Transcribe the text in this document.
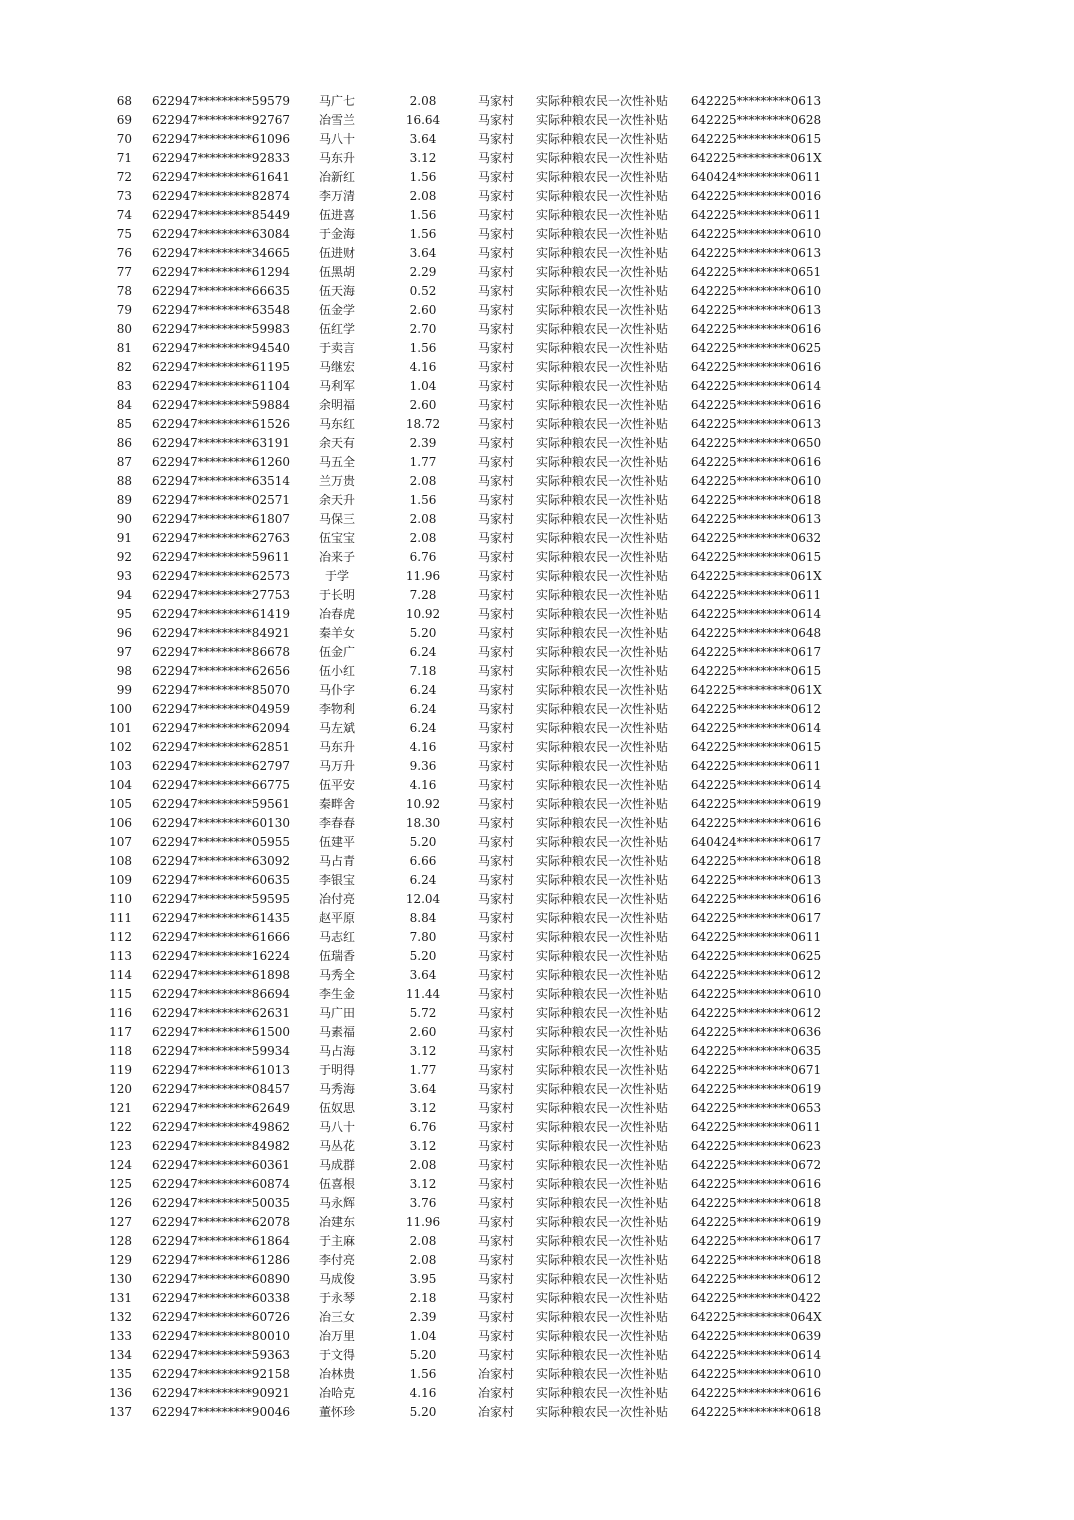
68 622947*********59579	马广七	2.08	马家村	实际种粮农民一次性补贴	642225*********0613
69 622947*********92767	冶雪兰	16.64	马家村	实际种粮农民一次性补贴	642225*********0628
70 622947*********61096	马八十	3.64	马家村	实际种粮农民一次性补贴	642225*********0615
71 622947*********92833	马东升	3.12	马家村	实际种粮农民一次性补贴	642225*********061X
72 622947*********61641	冶新红	1.56	马家村	实际种粮农民一次性补贴	640424*********0611
73 622947*********82874	李万清	2.08	马家村	实际种粮农民一次性补贴	642225*********0016
74 622947*********85449	伍进喜	1.56	马家村	实际种粮农民一次性补贴	642225*********0611
75 622947*********63084	于金海	1.56	马家村	实际种粮农民一次性补贴	642225*********0610
76 622947*********34665	伍进财	3.64	马家村	实际种粮农民一次性补贴	642225*********0613
77 622947*********61294	伍黑胡	2.29	马家村	实际种粮农民一次性补贴	642225*********0651
78 622947*********66635	伍天海	0.52	马家村	实际种粮农民一次性补贴	642225*********0610
79 622947*********63548	伍金学	2.60	马家村	实际种粮农民一次性补贴	642225*********0613
80 622947*********59983	伍红学	2.70	马家村	实际种粮农民一次性补贴	642225*********0616
81 622947*********94540	于卖言	1.56	马家村	实际种粮农民一次性补贴	642225*********0625
82 622947*********61195	马继宏	4.16	马家村	实际种粮农民一次性补贴	642225*********0616
83 622947*********61104	马利军	1.04	马家村	实际种粮农民一次性补贴	642225*********0614
84 622947*********59884	余明福	2.60	马家村	实际种粮农民一次性补贴	642225*********0616
85 622947*********61526	马东红	18.72	马家村	实际种粮农民一次性补贴	642225*********0613
86 622947*********63191	余天有	2.39	马家村	实际种粮农民一次性补贴	642225*********0650
87 622947*********61260	马五全	1.77	马家村	实际种粮农民一次性补贴	642225*********0616
88 622947*********63514	兰万贵	2.08	马家村	实际种粮农民一次性补贴	642225*********0610
89 622947*********02571	余天升	1.56	马家村	实际种粮农民一次性补贴	642225*********0618
90 622947*********61807	马保三	2.08	马家村	实际种粮农民一次性补贴	642225*********0613
91 622947*********62763	伍宝宝	2.08	马家村	实际种粮农民一次性补贴	642225*********0632
92 622947*********59611	冶来子	6.76	马家村	实际种粮农民一次性补贴	642225*********0615
93 622947*********62573	于学	11.96	马家村	实际种粮农民一次性补贴	642225*********061X
94 622947*********27753	于长明	7.28	马家村	实际种粮农民一次性补贴	642225*********0611
95 622947*********61419	冶春虎	10.92	马家村	实际种粮农民一次性补贴	642225*********0614
96 622947*********84921	秦羊女	5.20	马家村	实际种粮农民一次性补贴	642225*********0648
97 622947*********86678	伍金广	6.24	马家村	实际种粮农民一次性补贴	642225*********0617
98 622947*********62656	伍小红	7.18	马家村	实际种粮农民一次性补贴	642225*********0615
99 622947*********85070	马仆字	6.24	马家村	实际种粮农民一次性补贴	642225*********061X
100 622947*********04959	李物利	6.24	马家村	实际种粮农民一次性补贴	642225*********0612
101 622947*********62094	马左斌	6.24	马家村	实际种粮农民一次性补贴	642225*********0614
102 622947*********62851	马东升	4.16	马家村	实际种粮农民一次性补贴	642225*********0615
103 622947*********62797	马万升	9.36	马家村	实际种粮农民一次性补贴	642225*********0611
104 622947*********66775	伍平安	4.16	马家村	实际种粮农民一次性补贴	642225*********0614
105 622947*********59561	秦畔舍	10.92	马家村	实际种粮农民一次性补贴	642225*********0619
106 622947*********60130	李春春	18.30	马家村	实际种粮农民一次性补贴	642225*********0616
107 622947*********05955	伍建平	5.20	马家村	实际种粮农民一次性补贴	640424*********0617
108 622947*********63092	马占青	6.66	马家村	实际种粮农民一次性补贴	642225*********0618
109 622947*********60635	李银宝	6.24	马家村	实际种粮农民一次性补贴	642225*********0613
110 622947*********59595	冶付亮	12.04	马家村	实际种粮农民一次性补贴	642225*********0616
111 622947*********61435	赵平原	8.84	马家村	实际种粮农民一次性补贴	642225*********0617
112 622947*********61666	马志红	7.80	马家村	实际种粮农民一次性补贴	642225*********0611
113 622947*********16224	伍瑞香	5.20	马家村	实际种粮农民一次性补贴	642225*********0625
114 622947*********61898	马秀全	3.64	马家村	实际种粮农民一次性补贴	642225*********0612
115 622947*********86694	李生金	11.44	马家村	实际种粮农民一次性补贴	642225*********0610
116 622947*********62631	马广田	5.72	马家村	实际种粮农民一次性补贴	642225*********0612
117 622947*********61500	马素福	2.60	马家村	实际种粮农民一次性补贴	642225*********0636
118 622947*********59934	马占海	3.12	马家村	实际种粮农民一次性补贴	642225*********0635
119 622947*********61013	于明得	1.77	马家村	实际种粮农民一次性补贴	642225*********0671
120 622947*********08457	马秀海	3.64	马家村	实际种粮农民一次性补贴	642225*********0619
121 622947*********62649	伍奴思	3.12	马家村	实际种粮农民一次性补贴	642225*********0653
122 622947*********49862	马八十	6.76	马家村	实际种粮农民一次性补贴	642225*********0611
123 622947*********84982	马丛花	3.12	马家村	实际种粮农民一次性补贴	642225*********0623
124 622947*********60361	马成群	2.08	马家村	实际种粮农民一次性补贴	642225*********0672
125 622947*********60874	伍喜根	3.12	马家村	实际种粮农民一次性补贴	642225*********0616
126 622947*********50035	马永辉	3.76	马家村	实际种粮农民一次性补贴	642225*********0618
127 622947*********62078	冶建东	11.96	马家村	实际种粮农民一次性补贴	642225*********0619
128 622947*********61864	于主麻	2.08	马家村	实际种粮农民一次性补贴	642225*********0617
129 622947*********61286	李付亮	2.08	马家村	实际种粮农民一次性补贴	642225*********0618
130 622947*********60890	马成俊	3.95	马家村	实际种粮农民一次性补贴	642225*********0612
131 622947*********60338	于永琴	2.18	马家村	实际种粮农民一次性补贴	642225*********0422
132 622947*********60726	冶三女	2.39	马家村	实际种粮农民一次性补贴	642225*********064X
133 622947*********80010	冶万里	1.04	马家村	实际种粮农民一次性补贴	642225*********0639
134 622947*********59363	于文得	5.20	马家村	实际种粮农民一次性补贴	642225*********0614
135 622947*********92158	冶林贵	1.56	冶家村	实际种粮农民一次性补贴	642225*********0610
136 622947*********90921	冶哈克	4.16	冶家村	实际种粮农民一次性补贴	642225*********0616
137 622947*********90046	董怀珍	5.20	冶家村	实际种粮农民一次性补贴	642225*********0618
